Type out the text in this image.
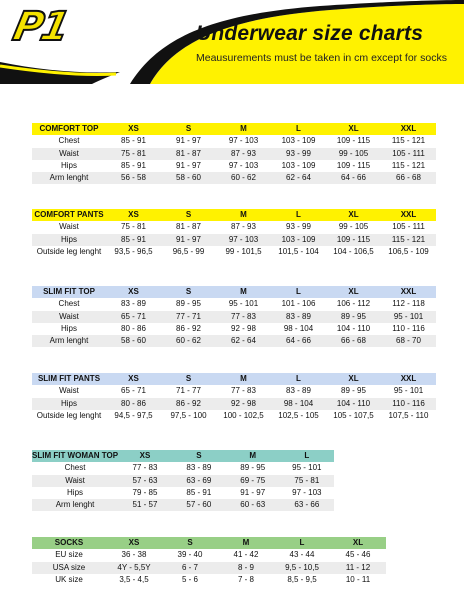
P1	Underwear size charts
Meausurements must be taken in cm except for socks
COMFORT TOP	XS	S	M	L	XL	XXL
Chest	85 - 91	91 - 97	97 - 103	103 - 109	109 - 115	115 - 121
Waist	75 - 81	81 - 87	87 - 93	93 - 99	99 - 105	105 - 111
Hips	85 - 91	91 - 97	97 - 103	103 - 109	109 - 115	115 - 121
Arm lenght	56 - 58	58 - 60	60 - 62	62 - 64	64 - 66	66 - 68
COMFORT PANTS	XS	S	M	L	XL	XXL
Waist	75 - 81	81 - 87	87 - 93	93 - 99	99 - 105	105 - 111
Hips	85 - 91	91 - 97	97 - 103	103 - 109	109 - 115	115 - 121
Outside leg lenght	93,5 - 96,5	96,5 - 99	99 - 101,5	101,5 - 104	104 - 106,5	106,5 - 109
SLIM FIT TOP	XS	S	M	L	XL	XXL
Chest	83 - 89	89 - 95	95 - 101	101 - 106	106 - 112	112 - 118
Waist	65 - 71	77 - 71	77 - 83	83 - 89	89 - 95	95 - 101
Hips	80 - 86	86 - 92	92 - 98	98 - 104	104 - 110	110 - 116
Arm lenght	58 - 60	60 - 62	62 - 64	64 - 66	66 - 68	68 - 70
SLIM FIT PANTS	XS	S	M	L	XL	XXL
Waist	65 - 71	71 - 77	77 - 83	83 - 89	89 - 95	95 - 101
Hips	80 - 86	86 - 92	92 - 98	98 - 104	104 - 110	110 - 116
Outside leg lenght	94,5 - 97,5	97,5 - 100	100 - 102,5	102,5 - 105	105 - 107,5	107,5 - 110
SLIM FIT WOMAN TOP	XS	S	M	L
Chest	77 - 83	83 - 89	89 - 95	95 - 101
Waist	57 - 63	63 - 69	69 - 75	75 - 81
Hips	79 - 85	85 - 91	91 - 97	97 - 103
Arm lenght	51 - 57	57 - 60	60 - 63	63 - 66
SOCKS	XS	S	M	L	XL
EU size	36 - 38	39 - 40	41 - 42	43 - 44	45 - 46
USA size	4Y - 5,5Y	6 - 7	8 - 9	9,5 - 10,5	11 - 12
UK size	3,5 - 4,5	5 - 6	7 - 8	8,5 - 9,5	10 - 11
